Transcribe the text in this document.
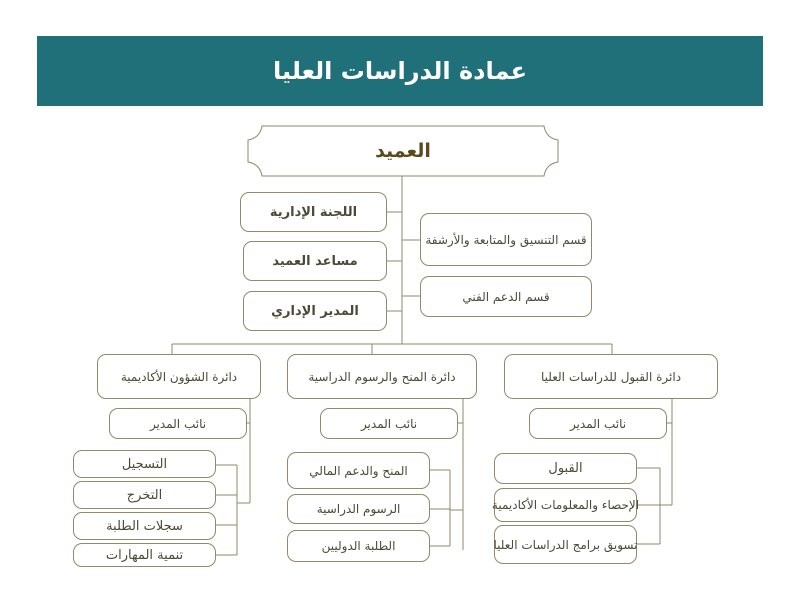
عمادة الدراسات العليا
العميد
اللجنة الإدارية
مساعد العميد
المدير الإداري
قسم التنسيق والمتابعة والأرشفة
قسم الدعم الفني
دائرة القبول للدراسات العليا
نائب المدير
القبول
الإحصاء والمعلومات الأكاديمية
تسويق برامج الدراسات العليا
دائرة المنح والرسوم الدراسية
نائب المدير
المنح والدعم المالي
الرسوم الدراسية
الطلبة الدوليين
دائرة الشؤون الأكاديمية
نائب المدير
التسجيل
التخرج
سجلات الطلبة
تنمية المهارات
